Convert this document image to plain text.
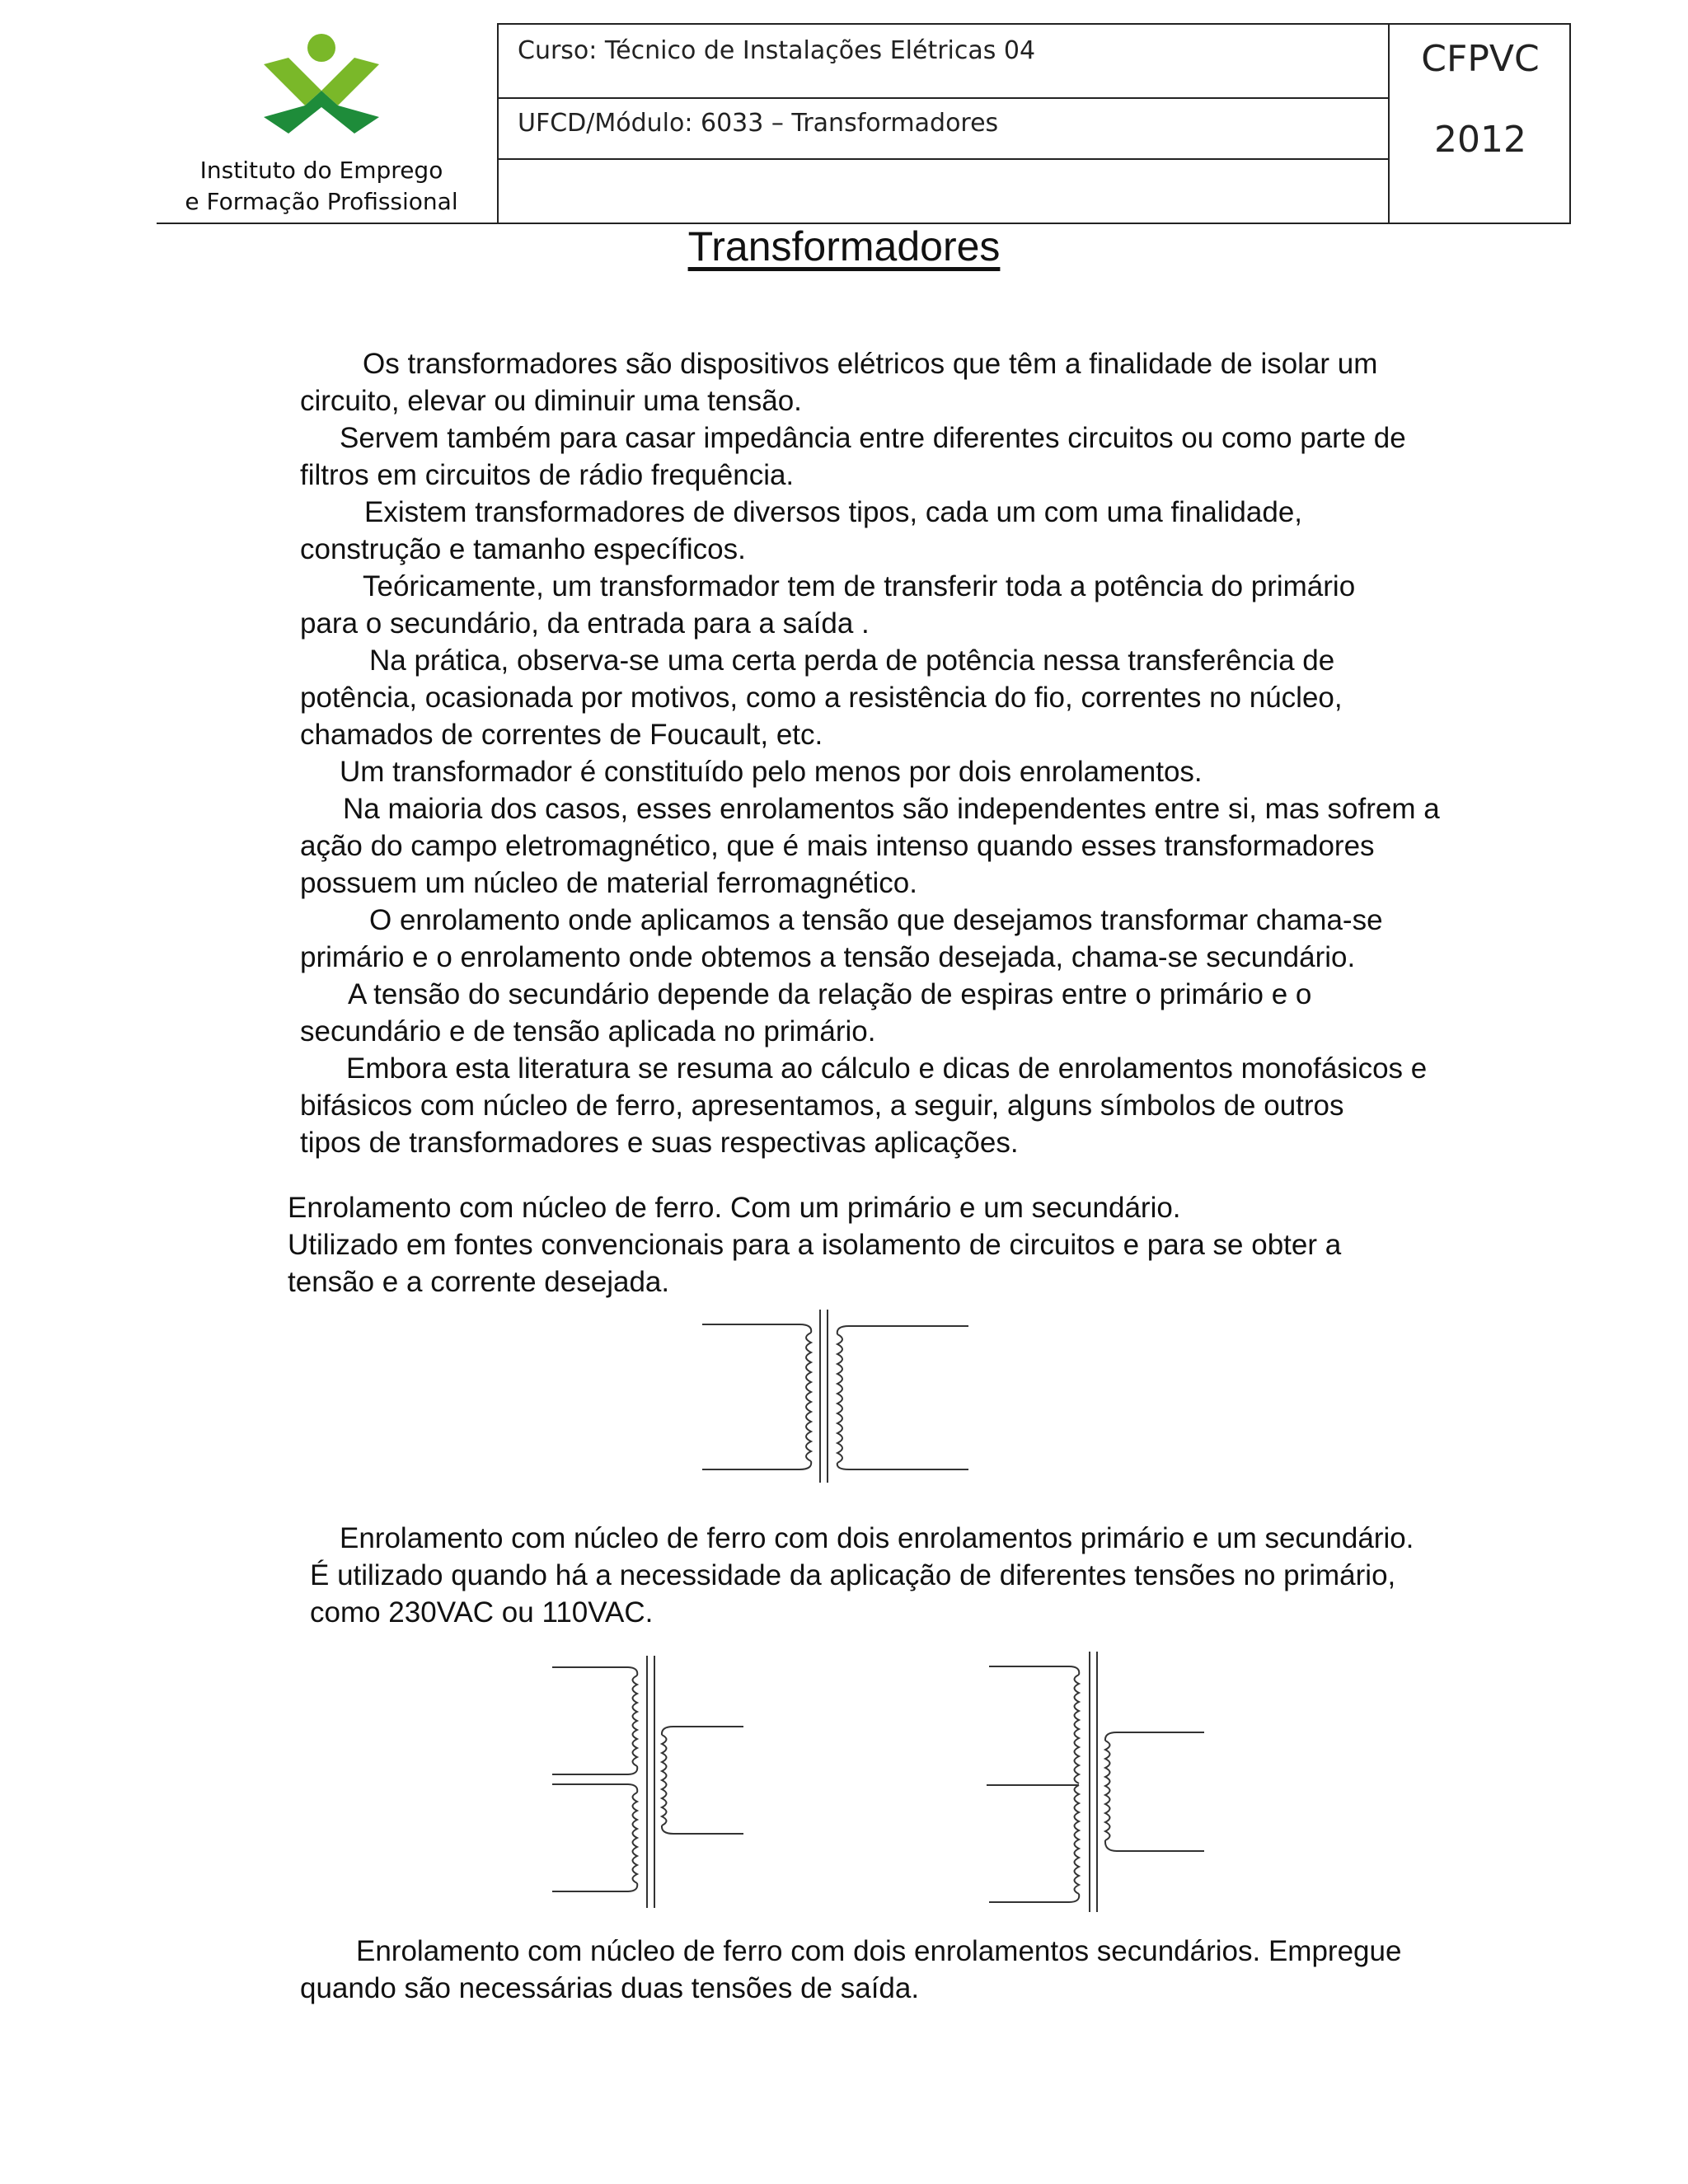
Instituto do Emprego
e Formação Profissional
Curso: Técnico de Instalações Elétricas 04
UFCD/Módulo: 6033 – Transformadores
CFPVC
2012
Transformadores
Os transformadores são dispositivos elétricos que têm a finalidade de isolar um
circuito, elevar ou diminuir uma tensão.
Servem também para casar impedância entre diferentes circuitos ou como parte de
filtros em circuitos de rádio frequência.
Existem transformadores de diversos tipos, cada um com uma finalidade,
construção e tamanho específicos.
Teóricamente, um transformador tem de transferir toda a potência do primário
para o secundário, da entrada para a saída .
Na prática, observa-se uma certa perda de potência nessa transferência de
potência, ocasionada por motivos, como a resistência do fio, correntes no núcleo,
chamados de correntes de Foucault, etc.
Um transformador é constituído pelo menos por dois enrolamentos.
Na maioria dos casos, esses enrolamentos são independentes entre si, mas sofrem a
ação do campo eletromagnético, que é mais intenso quando esses transformadores
possuem um núcleo de material ferromagnético.
O enrolamento onde aplicamos a tensão que desejamos transformar chama-se
primário e o enrolamento onde obtemos a tensão desejada, chama-se secundário.
A tensão do secundário depende da relação de espiras entre o primário e o
secundário e de tensão aplicada no primário.
Embora esta literatura se resuma ao cálculo e dicas de enrolamentos monofásicos e
bifásicos com núcleo de ferro, apresentamos, a seguir, alguns símbolos de outros
tipos de transformadores e suas respectivas aplicações.
Enrolamento com núcleo de ferro. Com um primário e um secundário.
Utilizado em fontes convencionais para a isolamento de circuitos e para se obter a
tensão e a corrente desejada.
Enrolamento com núcleo de ferro com dois enrolamentos primário e um secundário.
É utilizado quando há a necessidade da aplicação de diferentes tensões no primário,
como 230VAC ou 110VAC.
Enrolamento com núcleo de ferro com dois enrolamentos secundários. Empregue
quando são necessárias duas tensões de saída.
